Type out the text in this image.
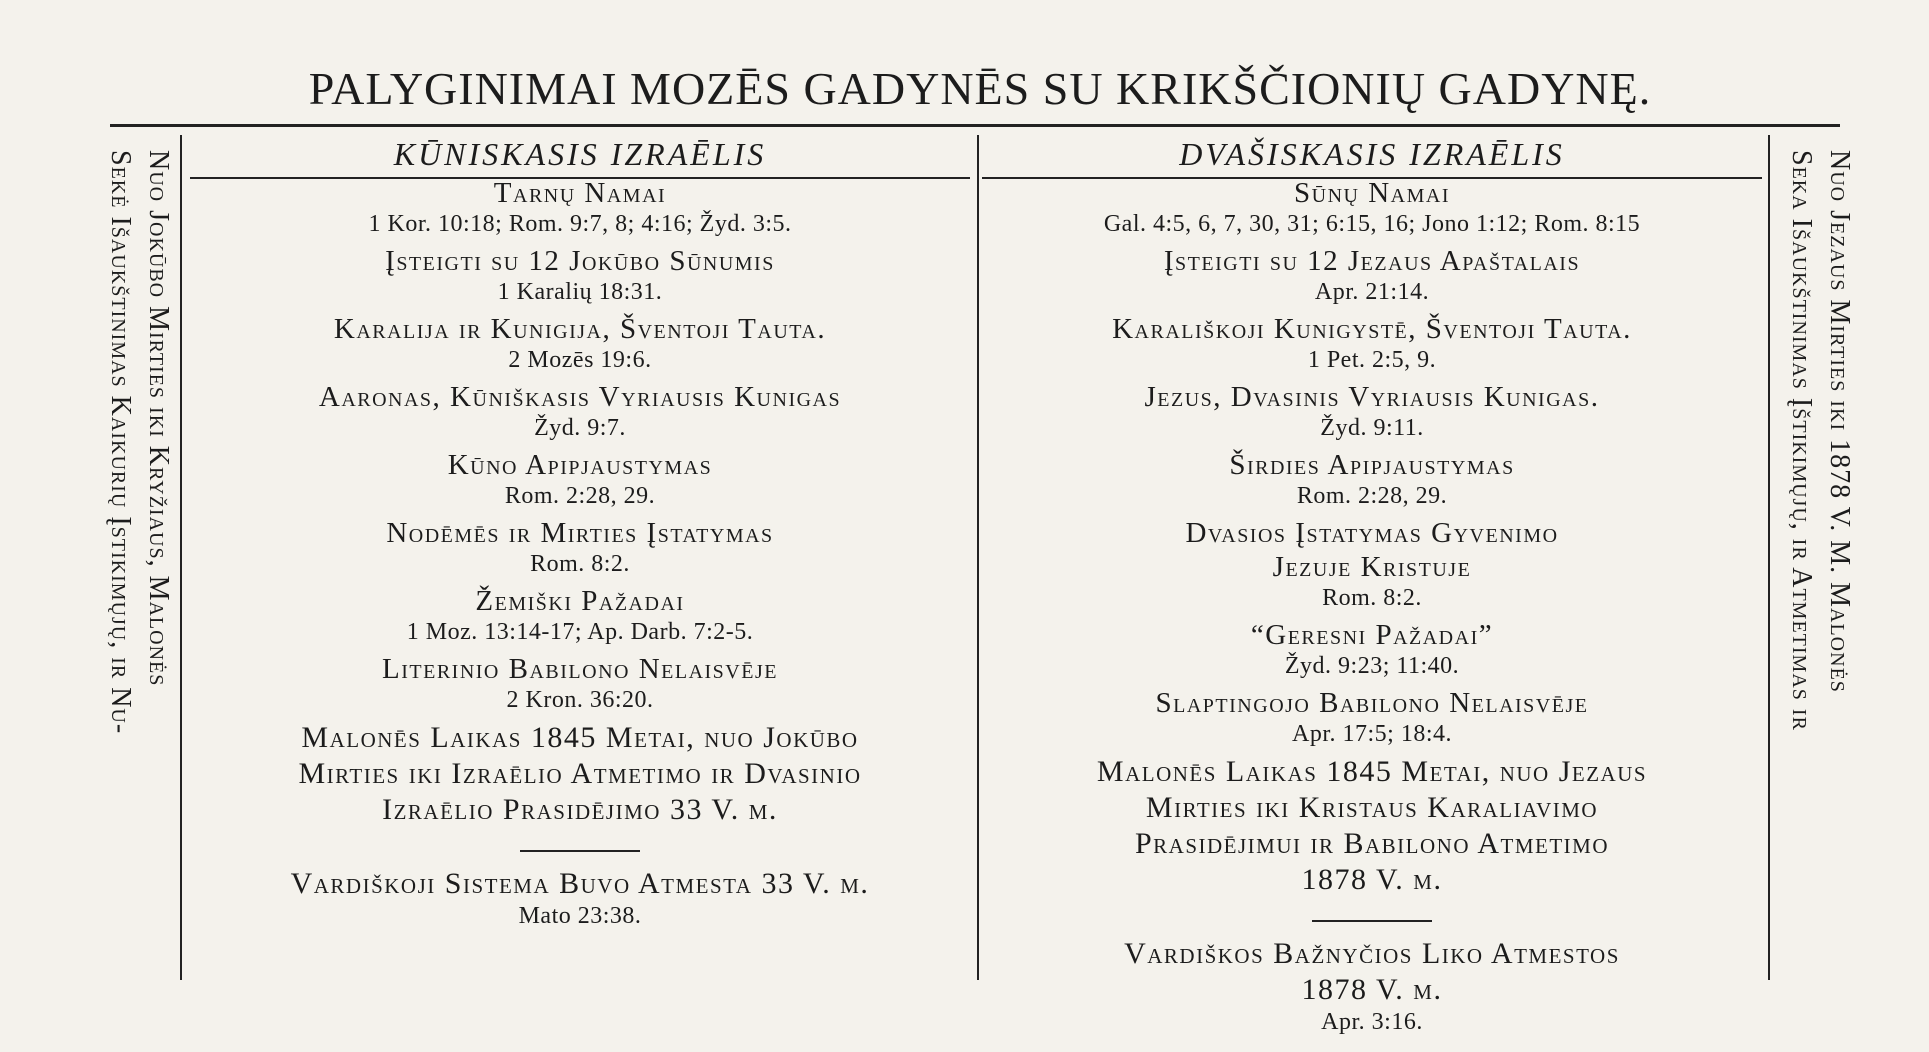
PALYGINIMAI MOZĒS GADYNĒS SU KRIKŠČIONIŲ GADYNĘ.
Nuo Jokūbo Mirties iki Kryžiaus, Malonės
Sekė Išaukštinimas Kaikurių Įstikimųjų, ir Nu-	Nuo Jezaus Mirties iki 1878 V. M. Malonės
Seka Išaukštinimas Įštikimųjų, ir Atmetimas ir
KŪNISKASIS IZRAĒLIS

Tarnų Namai

1 Kor. 10:18; Rom. 9:7, 8; 4:16; Žyd. 3:5.

Įsteigti su 12 Jokūbo Sūnumis

1 Karalių 18:31.

Karalija ir Kunigija, Šventoji Tauta.

2 Mozēs 19:6.

Aaronas, Kūniškasis Vyriausis Kunigas

Žyd. 9:7.

Kūno Apipjaustymas

Rom. 2:28, 29.

Nodēmēs ir Mirties Įstatymas

Rom. 8:2.

Žemiški Pažadai

1 Moz. 13:14-17; Ap. Darb. 7:2-5.

Literinio Babilono Nelaisvēje

2 Kron. 36:20.

Malonēs Laikas 1845 Metai, nuo Jokūbo

Mirties iki Izraēlio Atmetimo ir Dvasinio

Izraēlio Prasidējimo 33 V. m.

Vardiškoji Sistema Buvo Atmesta 33 V. m.

Mato 23:38.

DVAŠISKASIS IZRAĒLIS

Sūnų Namai

Gal. 4:5, 6, 7, 30, 31; 6:15, 16; Jono 1:12; Rom. 8:15

Įsteigti su 12 Jezaus Apaštalais

Apr. 21:14.

Karališkoji Kunigystē, Šventoji Tauta.

1 Pet. 2:5, 9.

Jezus, Dvasinis Vyriausis Kunigas.

Žyd. 9:11.

Širdies Apipjaustymas

Rom. 2:28, 29.

Dvasios Įstatymas Gyvenimo

Jezuje Kristuje

Rom. 8:2.

“Geresni Pažadai”

Žyd. 9:23; 11:40.

Slaptingojo Babilono Nelaisvēje

Apr. 17:5; 18:4.

Malonēs Laikas 1845 Metai, nuo Jezaus

Mirties iki Kristaus Karaliavimo

Prasidējimui ir Babilono Atmetimo

1878 V. m.

Vardiškos Bažnyčios Liko Atmestos

1878 V. m.

Apr. 3:16.
